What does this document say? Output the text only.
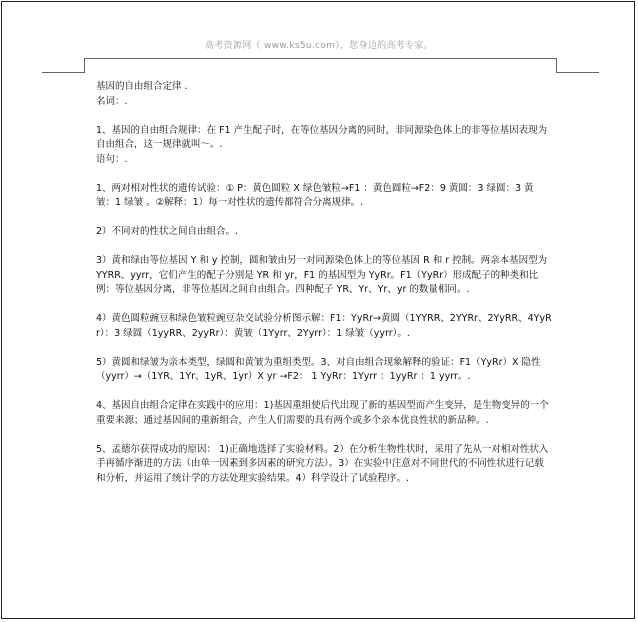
高考资源网（ www.ks5u.com），您身边的高考专家。

基因的自由组合定律 .

名词：.

1、基因的自由组合规律：在 F1 产生配子时，在等位基因分离的同时，非同源染色体上的非等位基因表现为自由组合，这一规律就叫～。.

语句：.

1、两对相对性状的遗传试验：① P：黄色圆粒 X 绿色皱粒→F1 ：黄色圆粒→F2：9 黄圆：3 绿圆：3 黄皱：1 绿皱 。②解释：1）每一对性状的遗传都符合分离规律。.

2）不同对的性状之间自由组合。.

3）黄和绿由等位基因 Y 和 y 控制，圆和皱由另一对同源染色体上的等位基因 R 和 r 控制。两亲本基因型为 YYRR、yyrr，它们产生的配子分别是 YR 和 yr，F1 的基因型为 YyRr。F1（YyRr）形成配子的种类和比例：等位基因分离，非等位基因之间自由组合。四种配子 YR、Yr、Yr、yr 的数量相同。.

4）黄色圆粒豌豆和绿色皱粒豌豆杂交试验分析图示解：F1：YyRr→黄圆（1YYRR、2YYRr、2YyRR、4YyRr）：3 绿圆（1yyRR、2yyRr）：黄皱（1Yyrr、2Yyrr）：1 绿皱（yyrr）。.

5）黄圆和绿皱为亲本类型，绿圆和黄皱为重组类型。3、对自由组合现象解释的验证：F1（YyRr）X 隐性（yyrr）→（1YR、1Yr、1yR、1yr）X yr →F2： 1 YyRr：1Yyrr ：1yyRr ：1 yyrr。.

4、基因自由组合定律在实践中的应用：1)基因重组使后代出现了新的基因型而产生变异，是生物变异的一个重要来源；通过基因间的重新组合，产生人们需要的具有两个或多个亲本优良性状的新品种。.

5、孟德尔获得成功的原因： 1)正确地选择了实验材料。2）在分析生物性状时，采用了先从一对相对性状入手再循序渐进的方法（由单一因素到多因素的研究方法）。3）在实验中注意对不同世代的不同性状进行记载和分析，并运用了统计学的方法处理实验结果。4）科学设计了试验程序。.
